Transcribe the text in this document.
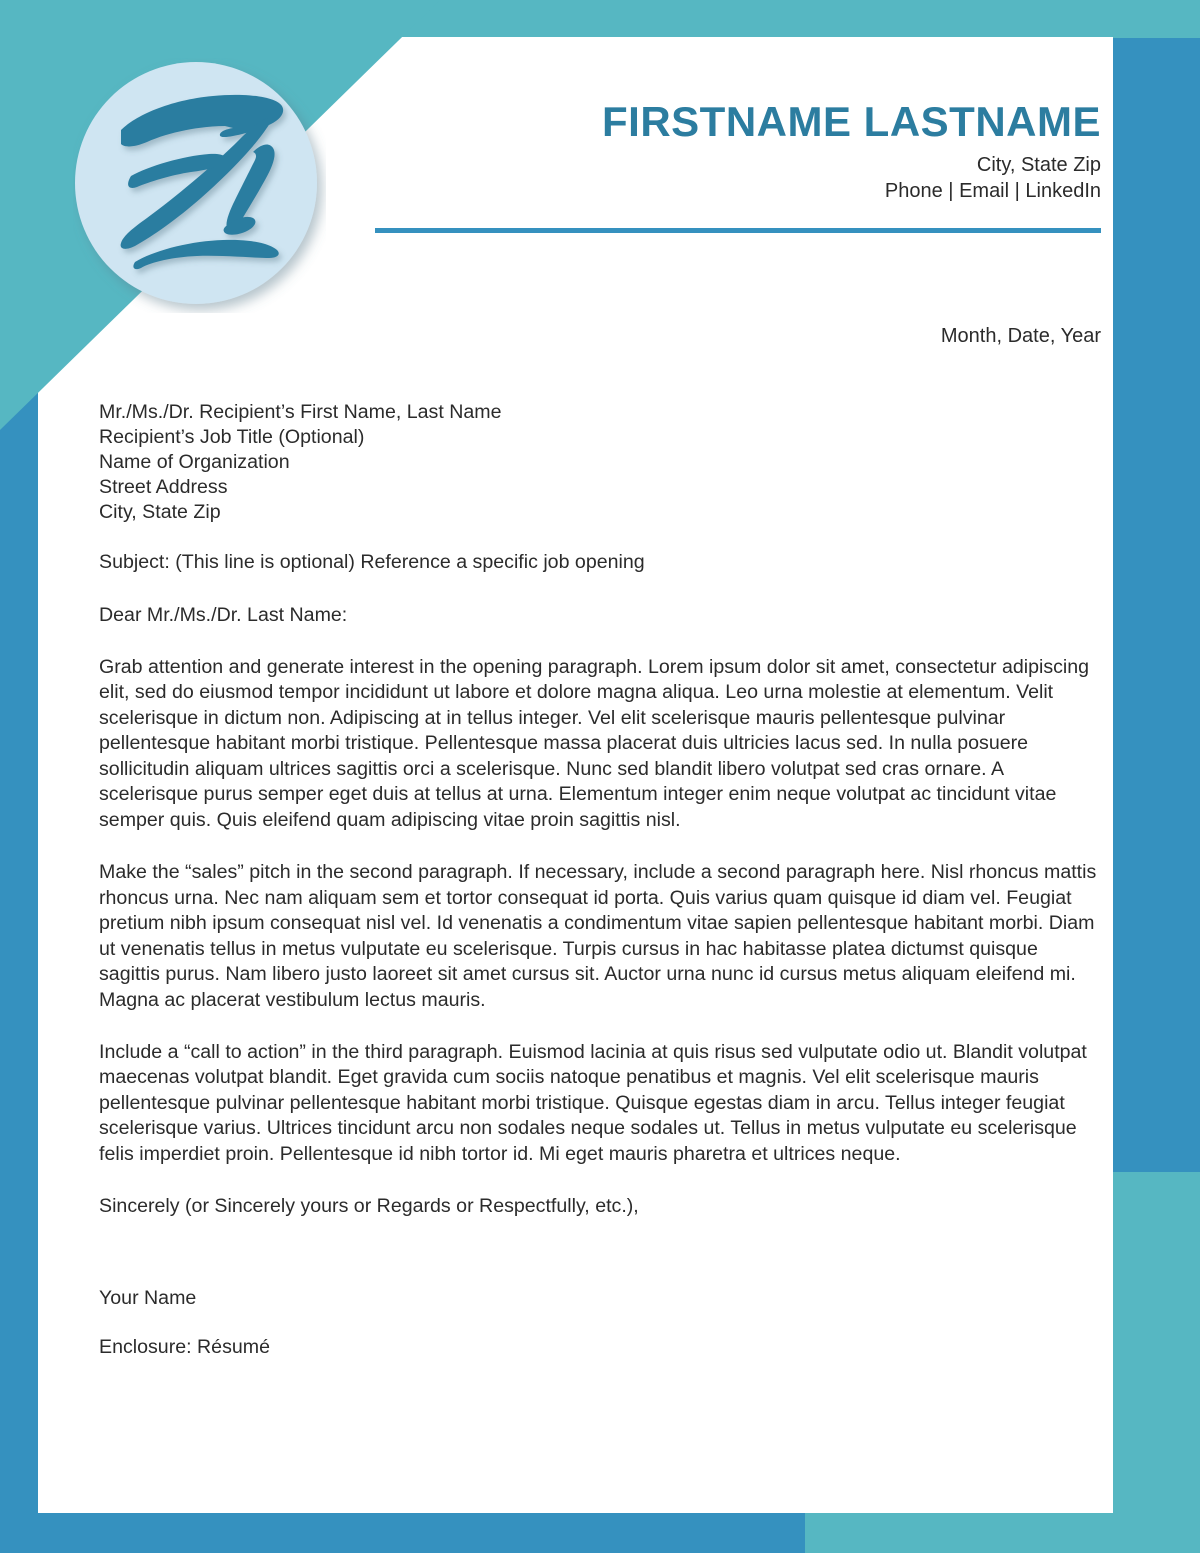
FIRSTNAME LASTNAME
City, State Zip
Phone | Email | LinkedIn
Month, Date, Year
Mr./Ms./Dr. Recipient’s First Name, Last Name
Recipient’s Job Title (Optional)
Name of Organization
Street Address
City, State Zip
Subject: (This line is optional) Reference a specific job opening
Dear Mr./Ms./Dr. Last Name:

Grab attention and generate interest in the opening paragraph. Lorem ipsum dolor sit amet, consectetur adipiscing elit, sed do eiusmod tempor incididunt ut labore et dolore magna aliqua. Leo urna molestie at elementum. Velit scelerisque in dictum non. Adipiscing at in tellus integer. Vel elit scelerisque mauris pellentesque pulvinar pellentesque habitant morbi tristique. Pellentesque massa placerat duis ultricies lacus sed. In nulla posuere sollicitudin aliquam ultrices sagittis orci a scelerisque. Nunc sed blandit libero volutpat sed cras ornare. A scelerisque purus semper eget duis at tellus at urna. Elementum integer enim neque volutpat ac tincidunt vitae semper quis. Quis eleifend quam adipiscing vitae proin sagittis nisl.

Make the “sales” pitch in the second paragraph. If necessary, include a second paragraph here. Nisl rhoncus mattis rhoncus urna. Nec nam aliquam sem et tortor consequat id porta. Quis varius quam quisque id diam vel. Feugiat pretium nibh ipsum consequat nisl vel. Id venenatis a condimentum vitae sapien pellentesque habitant morbi. Diam ut venenatis tellus in metus vulputate eu scelerisque. Turpis cursus in hac habitasse platea dictumst quisque sagittis purus. Nam libero justo laoreet sit amet cursus sit. Auctor urna nunc id cursus metus aliquam eleifend mi. Magna ac placerat vestibulum lectus mauris.

Include a “call to action” in the third paragraph. Euismod lacinia at quis risus sed vulputate odio ut. Blandit volutpat maecenas volutpat blandit. Eget gravida cum sociis natoque penatibus et magnis. Vel elit scelerisque mauris pellentesque pulvinar pellentesque habitant morbi tristique. Quisque egestas diam in arcu. Tellus integer feugiat scelerisque varius. Ultrices tincidunt arcu non sodales neque sodales ut. Tellus in metus vulputate eu scelerisque felis imperdiet proin. Pellentesque id nibh tortor id. Mi eget mauris pharetra et ultrices neque.

Sincerely (or Sincerely yours or Regards or Respectfully, etc.),
Your Name
Enclosure: Résumé
